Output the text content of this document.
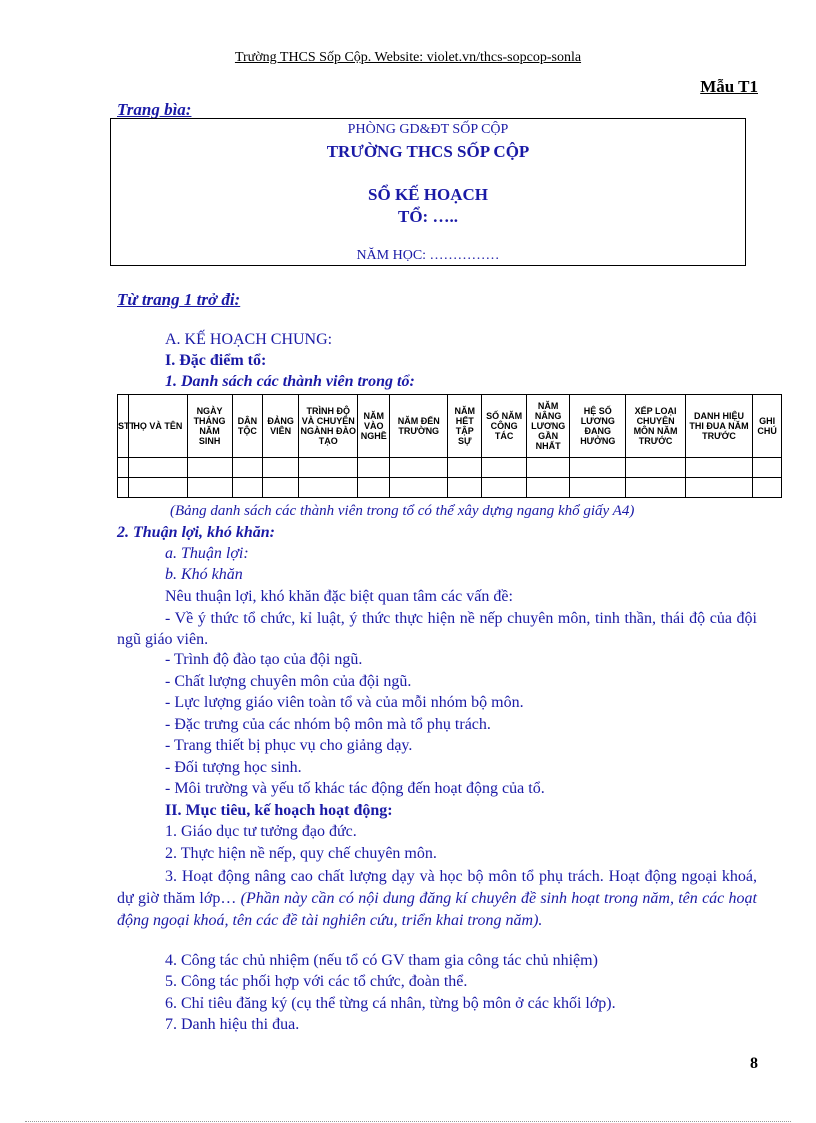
Trường THCS Sốp Cộp. Website: violet.vn/thcs-sopcop-sonla
Mẫu T1
Trang bìa:
PHÒNG GD&ĐT SỐP CỘP
TRƯỜNG THCS SỐP CỘP
SỔ KẾ HOẠCH
TỔ: …..
NĂM HỌC: ……………
Từ trang 1 trở đi:
A. KẾ HOẠCH CHUNG:
I. Đặc điểm tổ:
1. Danh sách các thành viên trong tổ:
STT	HỌ VÀ TÊN	NGÀY THÁNG NĂM SINH	DÂN TỘC	ĐẢNG VIÊN	TRÌNH ĐỘ VÀ CHUYÊN NGÀNH ĐÀO TẠO	NĂM VÀO NGHỀ	NĂM ĐẾN TRƯỜNG	NĂM HẾT TẬP SỰ	SỐ NĂM CÔNG TÁC	NĂM NÂNG LƯƠNG GẦN NHẤT	HỆ SỐ LƯƠNG ĐANG HƯỞNG	XẾP LOẠI CHUYÊN MÔN NĂM TRƯỚC	DANH HIỆU THI ĐUA NĂM TRƯỚC	GHI CHÚ

(Bảng danh sách các thành viên trong tổ có thể xây dựng ngang khổ giấy A4)
2. Thuận lợi, khó khăn:
a. Thuận lợi:
b. Khó khăn
Nêu thuận lợi, khó khăn đặc biệt quan tâm các vấn đề:
- Về ý thức tổ chức, kỉ luật, ý thức thực hiện nề nếp chuyên môn, tinh thần, thái độ của đội ngũ giáo viên.
- Trình độ đào tạo của đội ngũ.
- Chất lượng chuyên môn của đội ngũ.
- Lực lượng giáo viên toàn tổ và của mỗi nhóm bộ môn.
- Đặc trưng của các nhóm bộ môn mà tổ phụ trách.
- Trang thiết bị phục vụ cho giảng dạy.
- Đối tượng học sinh.
- Môi trường và yếu tố khác tác động đến hoạt động của tổ.
II. Mục tiêu, kế hoạch hoạt động:
1. Giáo dục tư tưởng đạo đức.
2. Thực hiện nề nếp, quy chế chuyên môn.
3. Hoạt động nâng cao chất lượng dạy và học bộ môn tổ phụ trách. Hoạt động ngoại khoá, dự giờ thăm lớp… (Phần này cần có nội dung đăng kí chuyên đề sinh hoạt trong năm, tên các hoạt động ngoại khoá, tên các đề tài nghiên cứu, triển khai trong năm).
4. Công tác chủ nhiệm (nếu tổ có GV tham gia công tác chủ nhiệm)
5. Công tác phối hợp với các tổ chức, đoàn thể.
6. Chỉ tiêu đăng ký (cụ thể từng cá nhân, từng bộ môn ở các khối lớp).
7. Danh hiệu thi đua.
8
